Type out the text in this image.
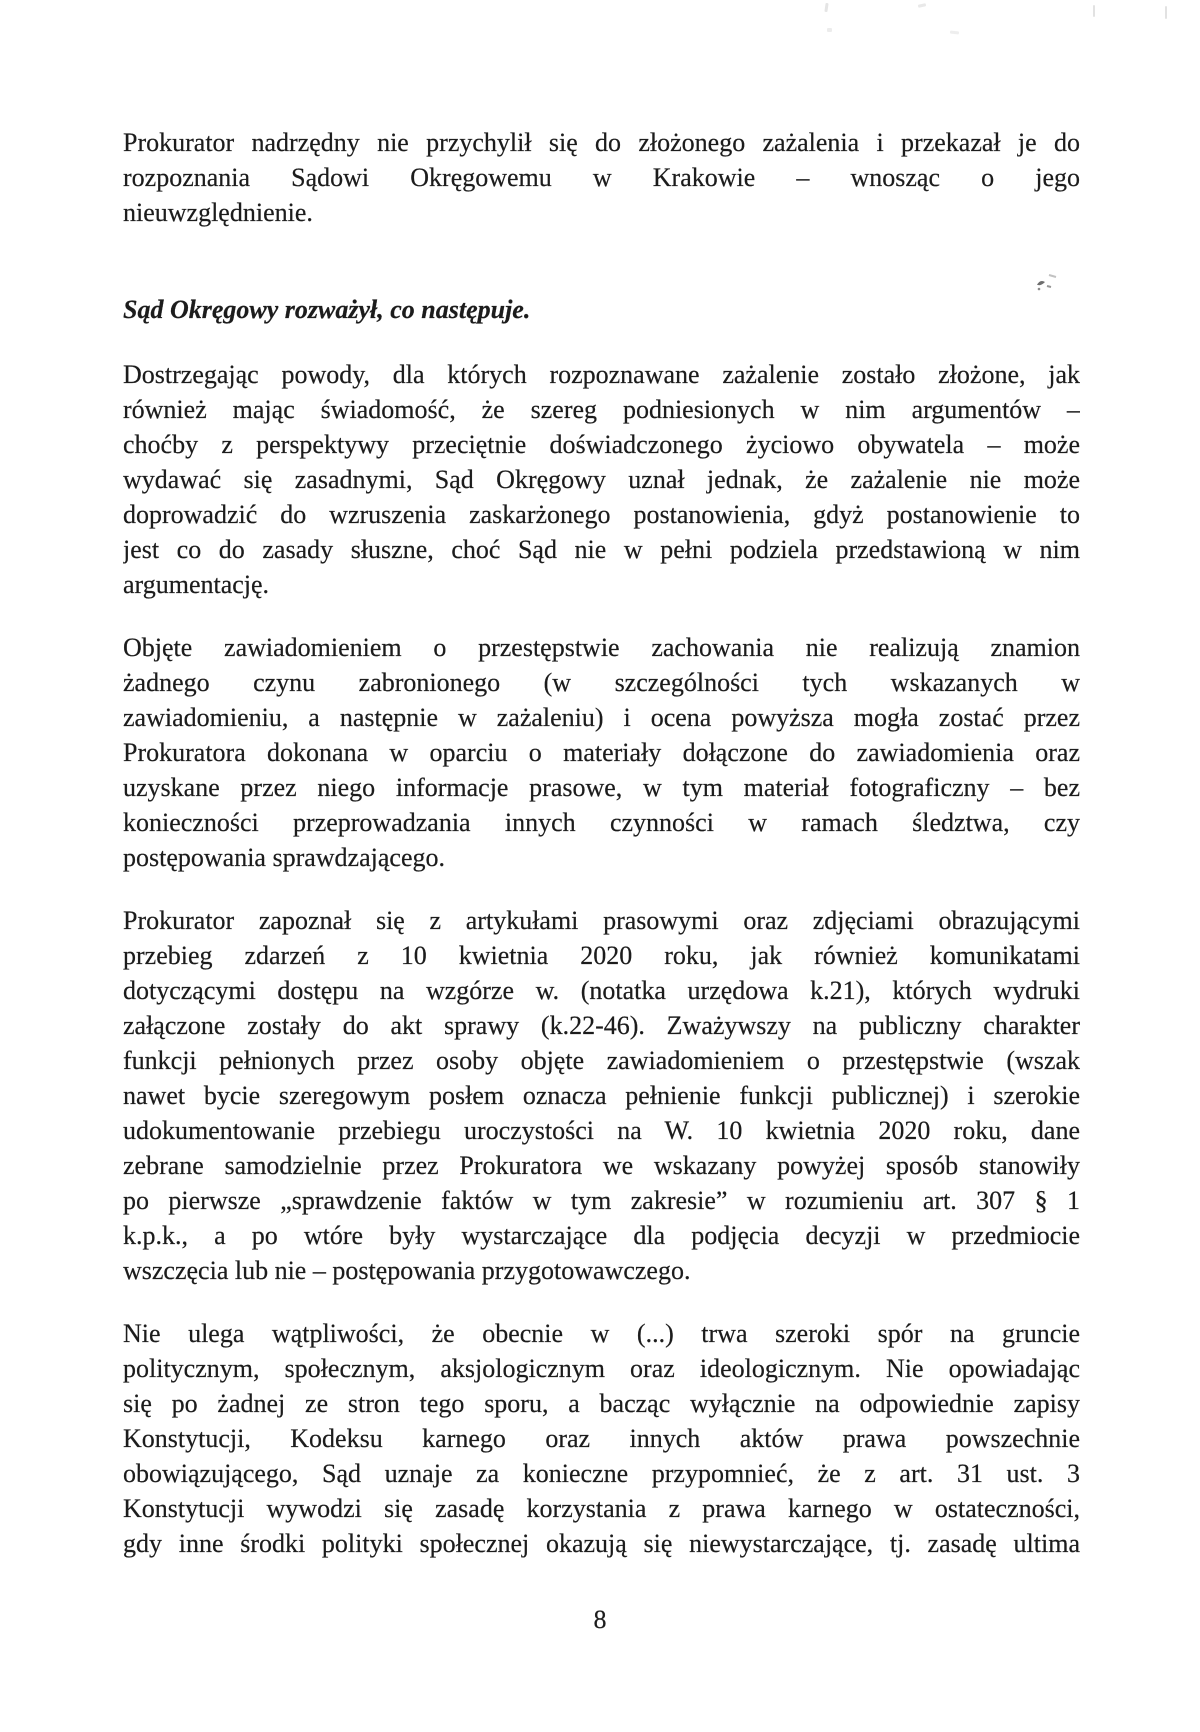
Prokurator nadrzędny nie przychylił się do złożonego zażalenia i przekazał je do
rozpoznania Sądowi Okręgowemu w Krakowie – wnosząc o jego
nieuwzględnienie.
Sąd Okręgowy rozważył, co następuje.
Dostrzegając powody, dla których rozpoznawane zażalenie zostało złożone, jak
również mając świadomość, że szereg podniesionych w nim argumentów –
choćby z perspektywy przeciętnie doświadczonego życiowo obywatela – może
wydawać się zasadnymi, Sąd Okręgowy uznał jednak, że zażalenie nie może
doprowadzić do wzruszenia zaskarżonego postanowienia, gdyż postanowienie to
jest co do zasady słuszne, choć Sąd nie w pełni podziela przedstawioną w nim
argumentację.
Objęte zawiadomieniem o przestępstwie zachowania nie realizują znamion
żadnego czynu zabronionego (w szczególności tych wskazanych w
zawiadomieniu, a następnie w zażaleniu) i ocena powyższa mogła zostać przez
Prokuratora dokonana w oparciu o materiały dołączone do zawiadomienia oraz
uzyskane przez niego informacje prasowe, w tym materiał fotograficzny – bez
konieczności przeprowadzania innych czynności w ramach śledztwa, czy
postępowania sprawdzającego.
Prokurator zapoznał się z artykułami prasowymi oraz zdjęciami obrazującymi
przebieg zdarzeń z 10 kwietnia 2020 roku, jak również komunikatami
dotyczącymi dostępu na wzgórze w. (notatka urzędowa k.21), których wydruki
załączone zostały do akt sprawy (k.22-46). Zważywszy na publiczny charakter
funkcji pełnionych przez osoby objęte zawiadomieniem o przestępstwie (wszak
nawet bycie szeregowym posłem oznacza pełnienie funkcji publicznej) i szerokie
udokumentowanie przebiegu uroczystości na W. 10 kwietnia 2020 roku, dane
zebrane samodzielnie przez Prokuratora we wskazany powyżej sposób stanowiły
po pierwsze „sprawdzenie faktów w tym zakresie” w rozumieniu art. 307 § 1
k.p.k., a po wtóre były wystarczające dla podjęcia decyzji w przedmiocie
wszczęcia lub nie – postępowania przygotowawczego.
Nie ulega wątpliwości, że obecnie w (...) trwa szeroki spór na gruncie
politycznym, społecznym, aksjologicznym oraz ideologicznym. Nie opowiadając
się po żadnej ze stron tego sporu, a bacząc wyłącznie na odpowiednie zapisy
Konstytucji, Kodeksu karnego oraz innych aktów prawa powszechnie
obowiązującego, Sąd uznaje za konieczne przypomnieć, że z art. 31 ust. 3
Konstytucji wywodzi się zasadę korzystania z prawa karnego w ostateczności,
gdy inne środki polityki społecznej okazują się niewystarczające, tj. zasadę ultima
8
